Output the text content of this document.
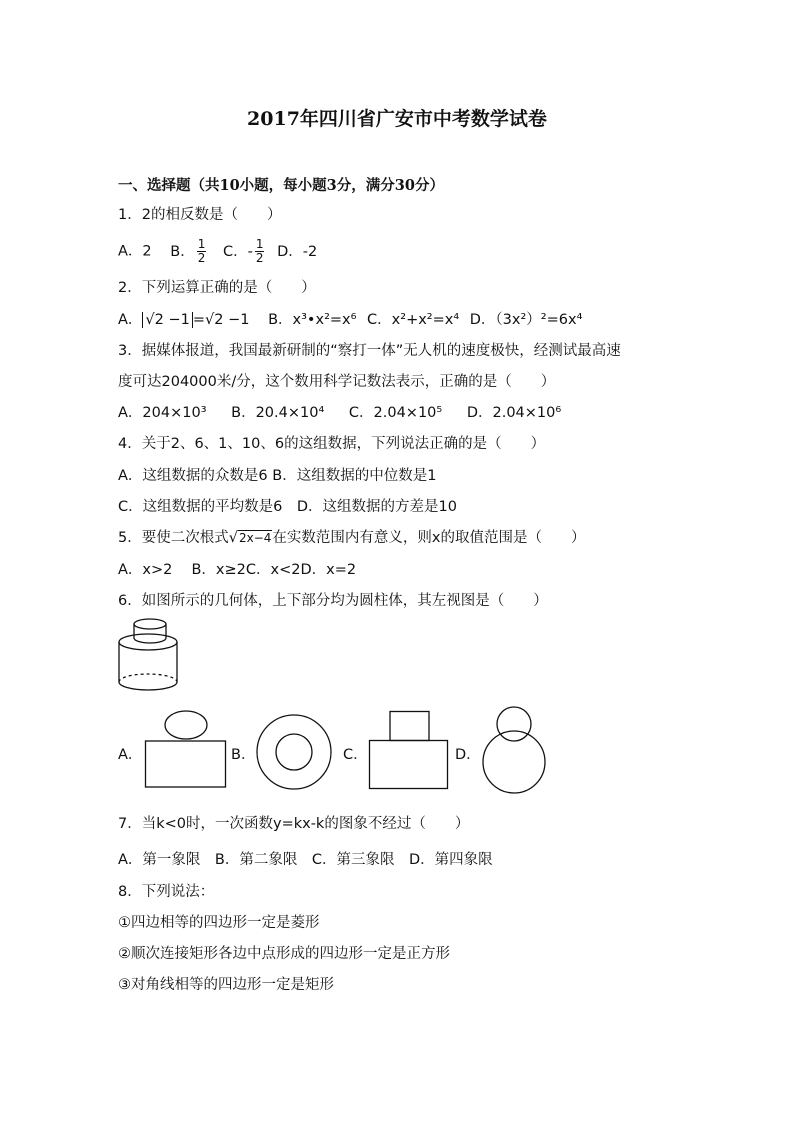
2017年四川省广安市中考数学试卷
一、选择题（共10小题，每小题3分，满分30分）
1．2的相反数是（　　）
A．2 B． $\frac{1}{2}$ C．- $\frac{1}{2}$ D．-2
2．下列运算正确的是（　　）
A． √2 −1 =√2 −1 B．x³•x²=x⁶ C．x²+x²=x⁴ D．（3x²）²=6x⁴
3．据媒体报道，我国最新研制的“察打一体”无人机的速度极快，经测试最高速
度可达204000米/分，这个数用科学记数法表示，正确的是（　　）
A．204×10³ B．20.4×10⁴ C．2.04×10⁵ D．2.04×10⁶
4．关于2、6、1、10、6的这组数据，下列说法正确的是（　　）
A．这组数据的众数是6 B．这组数据的中位数是1
C．这组数据的平均数是6　D．这组数据的方差是10
5．要使二次根式√2x−4在实数范围内有意义，则x的取值范围是（　　）
A．x>2　 B．x≥2C．x<2D．x=2
6．如图所示的几何体，上下部分均为圆柱体，其左视图是（　　）
A．	B．	C．	D．
7．当k<0时，一次函数y=kx-k的图象不经过（　　）
A．第一象限　B．第二象限　C．第三象限　D．第四象限
8．下列说法：
①四边相等的四边形一定是菱形
②顺次连接矩形各边中点形成的四边形一定是正方形
③对角线相等的四边形一定是矩形
